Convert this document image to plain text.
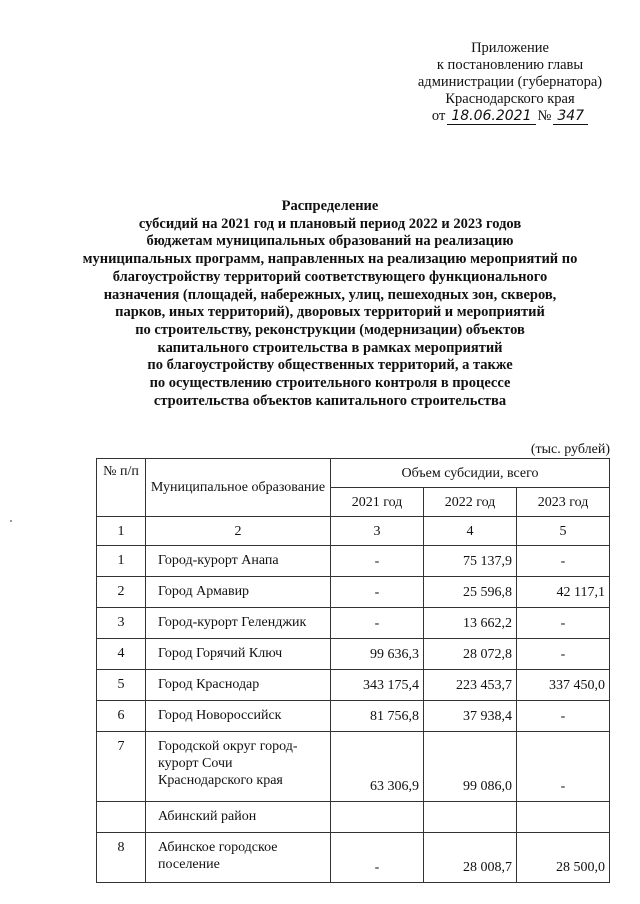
Приложение
к постановлению главы
администрации (губернатора)
Краснодарского края
от 18.06.2021 № 347
Распределение
субсидий на 2021 год и плановый период 2022 и 2023 годов
бюджетам муниципальных образований на реализацию
муниципальных программ, направленных на реализацию мероприятий по
благоустройству территорий соответствующего функционального
назначения (площадей, набережных, улиц, пешеходных зон, скверов,
парков, иных территорий), дворовых территорий и мероприятий
по строительству, реконструкции (модернизации) объектов
капитального строительства в рамках мероприятий
по благоустройству общественных территорий, а также
по осуществлению строительного контроля в процессе
строительства объектов капитального строительства
(тыс. рублей)
№ п/п	Муниципальное образование	Объем субсидии, всего		
		2021 год	2022 год	2023 год
1	2	3	4	5
1	Город-курорт Анапа	-	75 137,9	-
2	Город Армавир	-	25 596,8	42 117,1
3	Город-курорт Геленджик	-	13 662,2	-
4	Город Горячий Ключ	99 636,3	28 072,8	-
5	Город Краснодар	343 175,4	223 453,7	337 450,0
6	Город Новороссийск	81 756,8	37 938,4	-
7	Городской округ город-
курорт Сочи
Краснодарского края	63 306,9	99 086,0	-

	Абинский район			

8	Абинское городское
поселение	-	28 008,7	28 500,0
